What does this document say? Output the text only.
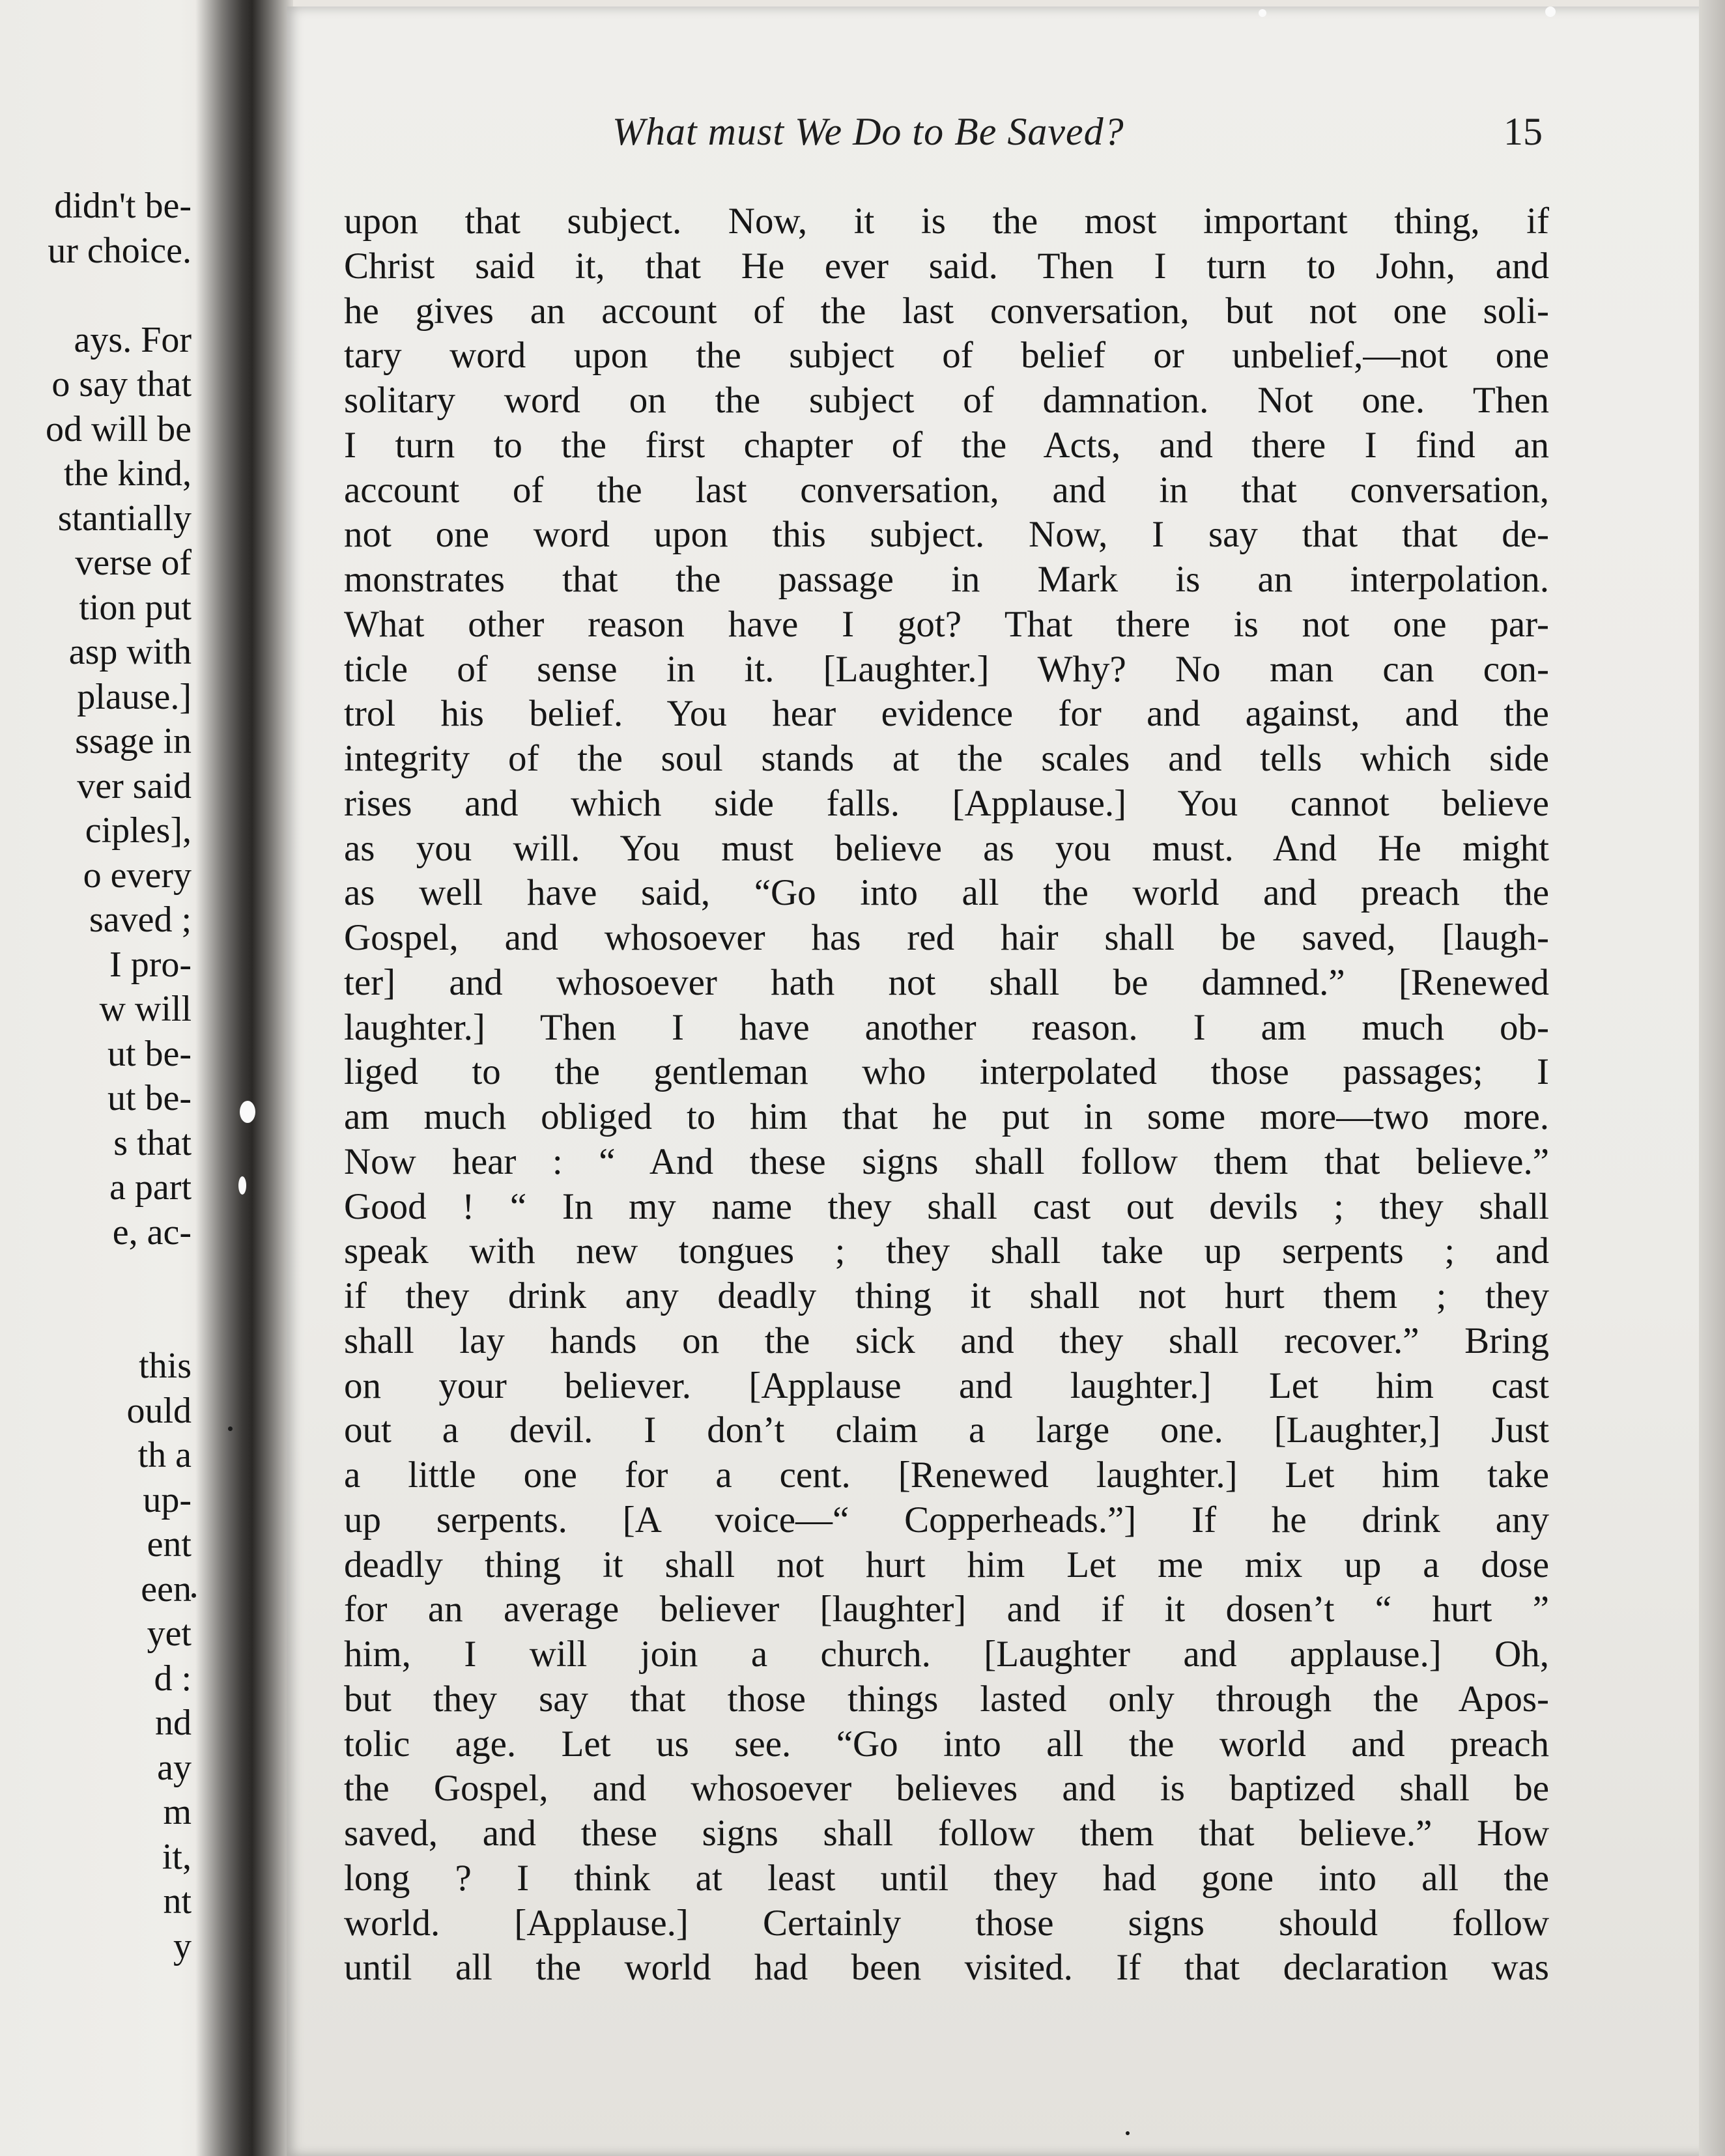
didn't be-
ur choice.
ays. For
o say that
od will be
the kind,
stantially
verse of
tion put
asp with
plause.]
ssage in
ver said
ciples],
o every
saved ;
I pro-
w will
ut be-
ut be-
s that
a part
e, ac-
this
ould
th a
up-
ent
een
yet
d :
nd
ay
m
it,
nt
y
What must We Do to Be Saved?	15
upon that subject. Now, it is the most important thing, if
Christ said it, that He ever said. Then I turn to John, and
he gives an account of the last conversation, but not one soli-
tary word upon the subject of belief or unbelief,—not one
solitary word on the subject of damnation. Not one. Then
I turn to the first chapter of the Acts, and there I find an
account of the last conversation, and in that conversation,
not one word upon this subject. Now, I say that that de-
monstrates that the passage in Mark is an interpolation.
What other reason have I got? That there is not one par-
ticle of sense in it. [Laughter.] Why? No man can con-
trol his belief. You hear evidence for and against, and the
integrity of the soul stands at the scales and tells which side
rises and which side falls. [Applause.] You cannot believe
as you will. You must believe as you must. And He might
as well have said, “Go into all the world and preach the
Gospel, and whosoever has red hair shall be saved, [laugh-
ter] and whosoever hath not shall be damned.” [Renewed
laughter.] Then I have another reason. I am much ob-
liged to the gentleman who interpolated those passages; I
am much obliged to him that he put in some more—two more.
Now hear : “ And these signs shall follow them that believe.”
Good ! “ In my name they shall cast out devils ; they shall
speak with new tongues ; they shall take up serpents ; and
if they drink any deadly thing it shall not hurt them ; they
shall lay hands on the sick and they shall recover.” Bring
on your believer. [Applause and laughter.] Let him cast
out a devil. I don’t claim a large one. [Laughter,] Just
a little one for a cent. [Renewed laughter.] Let him take
up serpents. [A voice—“ Copperheads.”] If he drink any
deadly thing it shall not hurt him Let me mix up a dose
for an average believer [laughter] and if it dosen’t “ hurt ”
him, I will join a church. [Laughter and applause.] Oh,
but they say that those things lasted only through the Apos-
tolic age. Let us see. “Go into all the world and preach
the Gospel, and whosoever believes and is baptized shall be
saved, and these signs shall follow them that believe.” How
long ? I think at least until they had gone into all the
world. [Applause.] Certainly those signs should follow
until all the world had been visited. If that declaration was
